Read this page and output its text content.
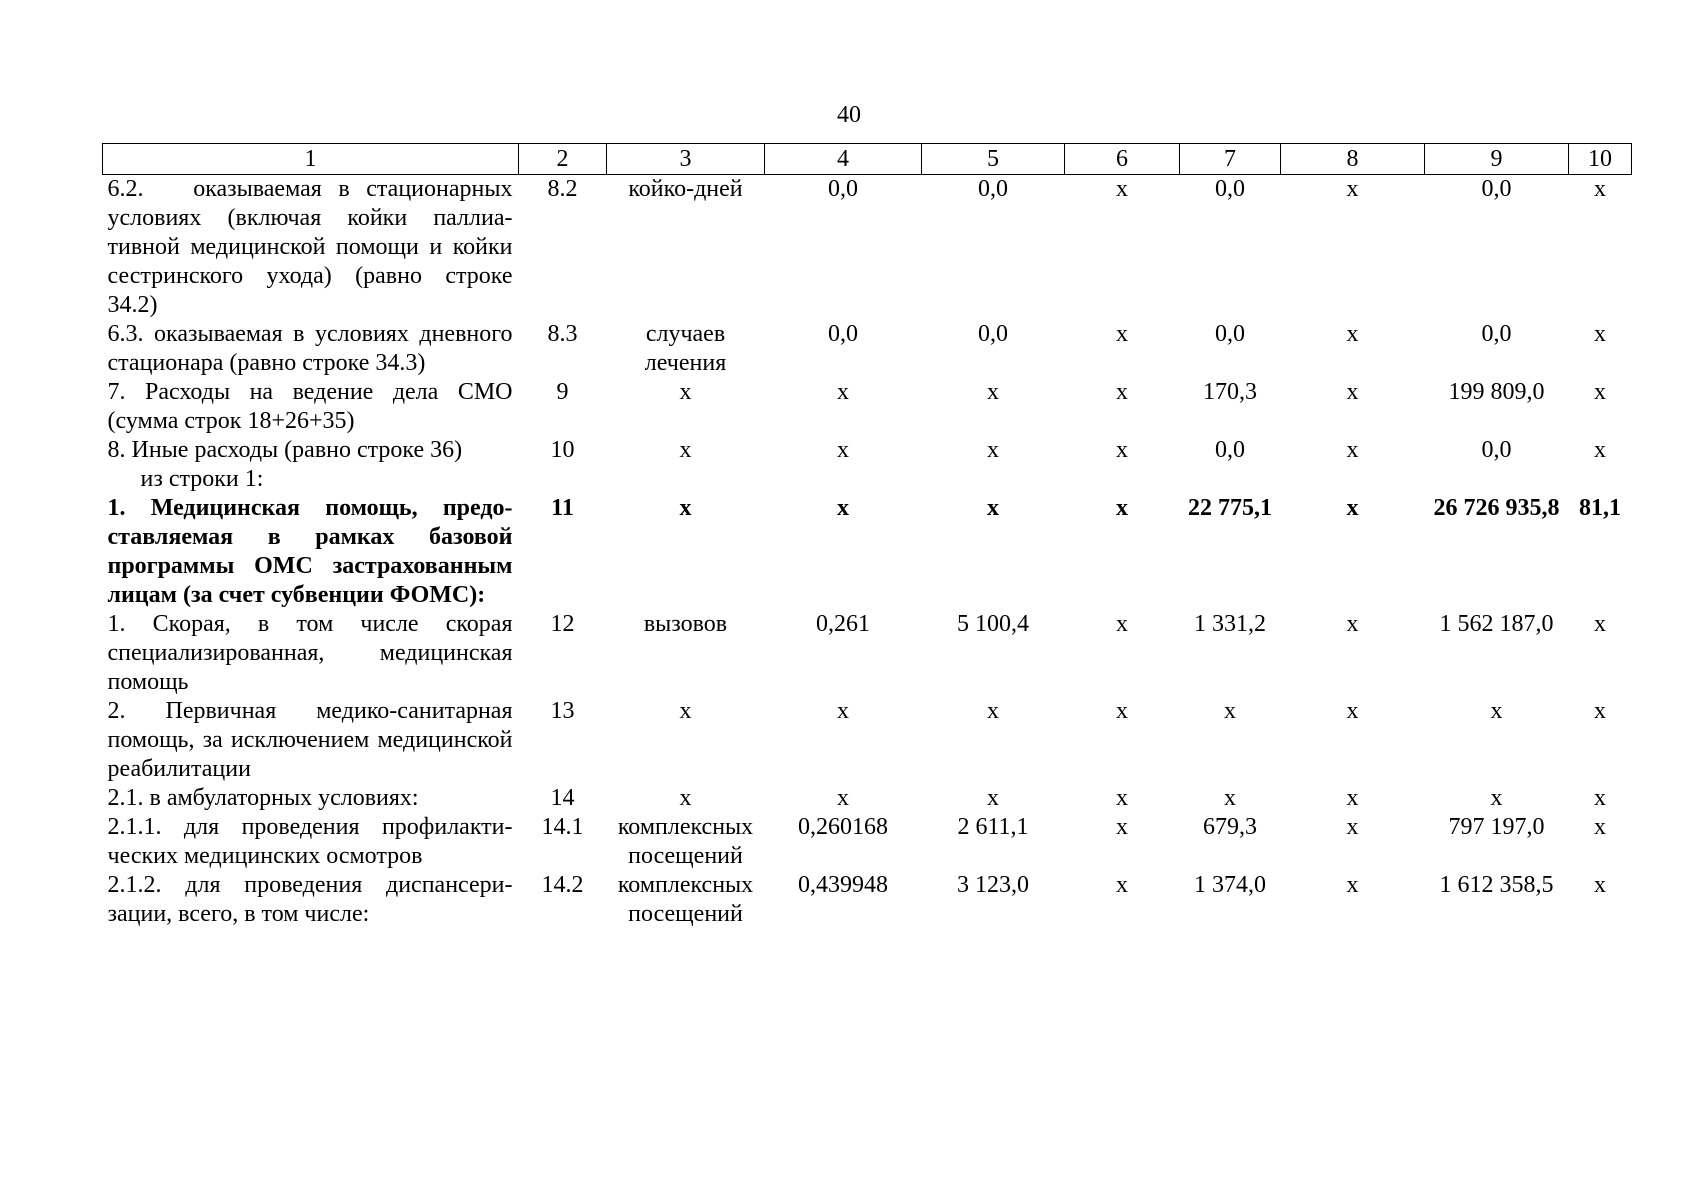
40
1	2	3	4	5	6	7	8	9	10
6.2.   оказываемая в стационарных условиях (включая койки паллиативной медицинской помощи и койки сестринского ухода) (равно строке 34.2)	8.2	койко-дней	0,0	0,0	х	0,0	х	0,0	х
6.3. оказываемая в условиях дневного стационара (равно строке 34.3)	8.3	случаев лечения	0,0	0,0	х	0,0	х	0,0	х
7. Расходы на ведение дела СМО (сумма строк 18+26+35)	9	х	х	х	х	170,3	х	199 809,0	х
8. Иные расходы (равно строке 36)	10	х	х	х	х	0,0	х	0,0	х
из строки 1:									
1. Медицинская помощь, предоставляемая в рамках базовой программы ОМС застрахованным лицам (за счет субвенции ФОМС):	11	х	х	х	х	22 775,1	х	26 726 935,8	81,1
1. Скорая, в том числе скорая специализированная, медицинская помощь	12	вызовов	0,261	5 100,4	х	1 331,2	х	1 562 187,0	х
2. Первичная медико-санитарная помощь, за исключением медицинской реабилитации	13	х	х	х	х	х	х	х	х
2.1. в амбулаторных условиях:	14	х	х	х	х	х	х	х	х
2.1.1. для проведения профилактических медицинских осмотров	14.1	комплексных посещений	0,260168	2 611,1	х	679,3	х	797 197,0	х
2.1.2. для проведения диспансеризации, всего, в том числе:	14.2	комплексных посещений	0,439948	3 123,0	х	1 374,0	х	1 612 358,5	х
